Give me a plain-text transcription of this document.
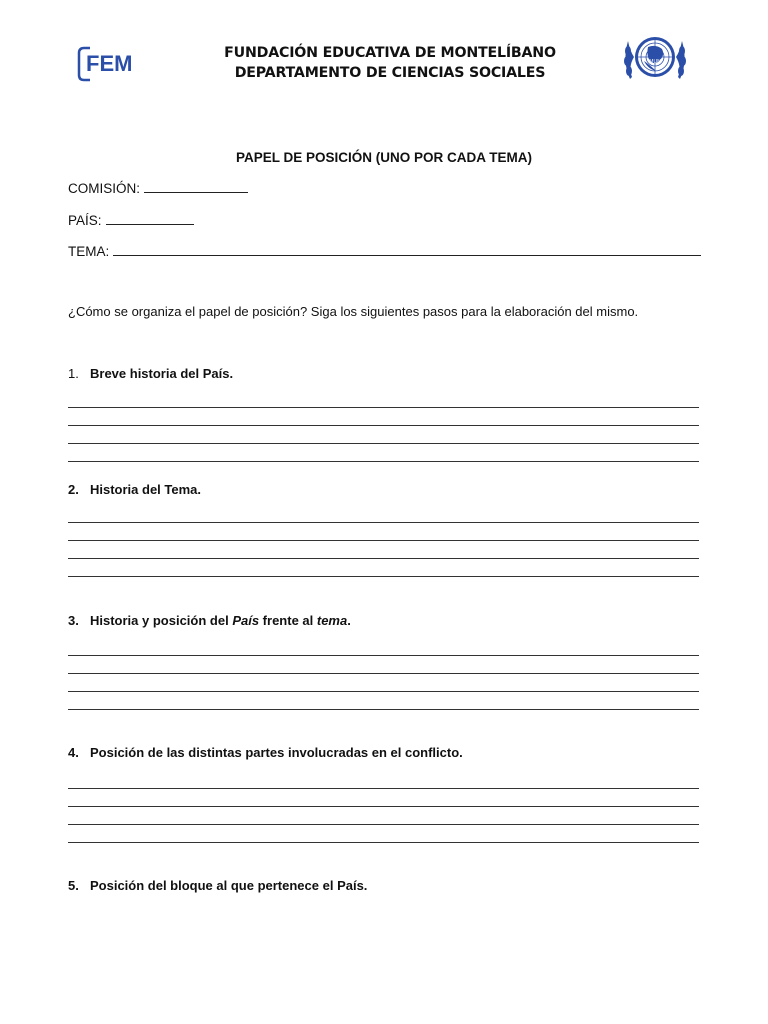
FEM	FUNDACIÓN EDUCATIVA DE MONTELÍBANO
DEPARTAMENTO DE CIENCIAS SOCIALES
MUN
PAPEL DE POSICIÓN (UNO POR CADA TEMA)
COMISIÓN:
PAÍS:
TEMA:
¿Cómo se organiza el papel de posición? Siga los siguientes pasos para la elaboración del mismo.
1. Breve historia del País.
2. Historia del Tema.
3. Historia y posición del País frente al tema.
4. Posición de las distintas partes involucradas en el conflicto.
5. Posición del bloque al que pertenece el País.
